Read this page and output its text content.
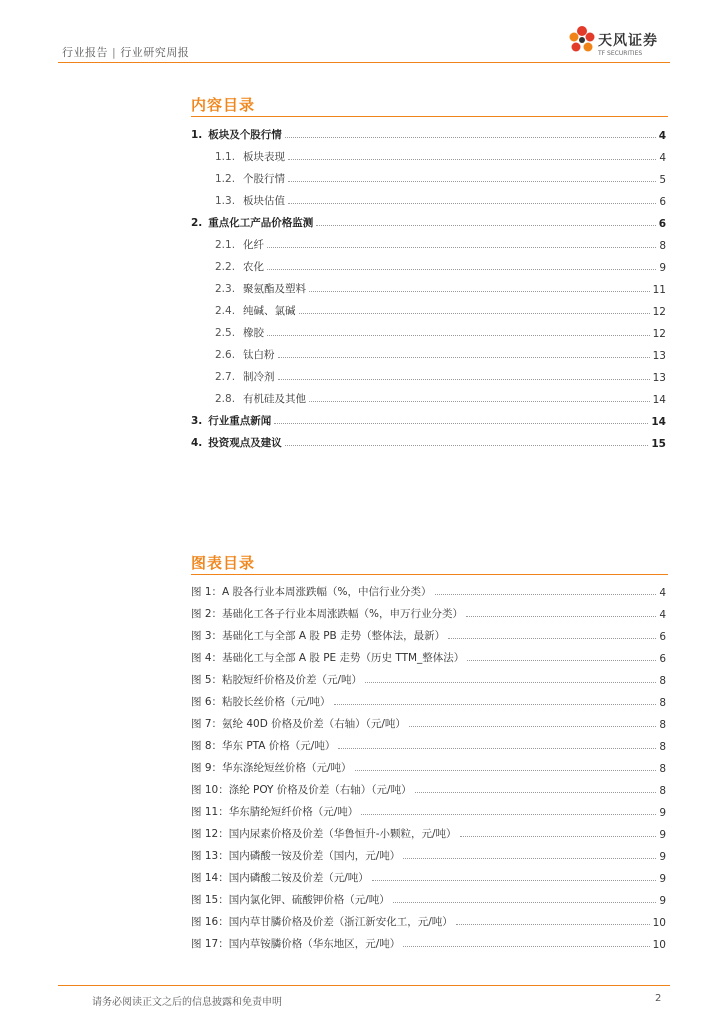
行业报告 | 行业研究周报
天风证券
TF SECURITIES
内容目录
1. 板块及个股行情	4
1.1. 板块表现	4
1.2. 个股行情	5
1.3. 板块估值	6
2. 重点化工产品价格监测	6
2.1. 化纤	8
2.2. 农化	9
2.3. 聚氨酯及塑料	11
2.4. 纯碱、氯碱	12
2.5. 橡胶	12
2.6. 钛白粉	13
2.7. 制冷剂	13
2.8. 有机硅及其他	14
3. 行业重点新闻	14
4. 投资观点及建议	15
图表目录
图 1：A 股各行业本周涨跌幅（%，中信行业分类）	4
图 2：基础化工各子行业本周涨跌幅（%，申万行业分类）	4
图 3：基础化工与全部 A 股 PB 走势（整体法，最新）	6
图 4：基础化工与全部 A 股 PE 走势（历史 TTM_整体法）	6
图 5：粘胶短纤价格及价差（元/吨）	8
图 6：粘胶长丝价格（元/吨）	8
图 7：氨纶 40D 价格及价差（右轴）（元/吨）	8
图 8：华东 PTA 价格（元/吨）	8
图 9：华东涤纶短丝价格（元/吨）	8
图 10：涤纶 POY 价格及价差（右轴）（元/吨）	8
图 11：华东腈纶短纤价格（元/吨）	9
图 12：国内尿素价格及价差（华鲁恒升-小颗粒，元/吨）	9
图 13：国内磷酸一铵及价差（国内，元/吨）	9
图 14：国内磷酸二铵及价差（元/吨）	9
图 15：国内氯化钾、硫酸钾价格（元/吨）	9
图 16：国内草甘膦价格及价差（浙江新安化工，元/吨）	10
图 17：国内草铵膦价格（华东地区，元/吨）	10
请务必阅读正文之后的信息披露和免责申明	2
